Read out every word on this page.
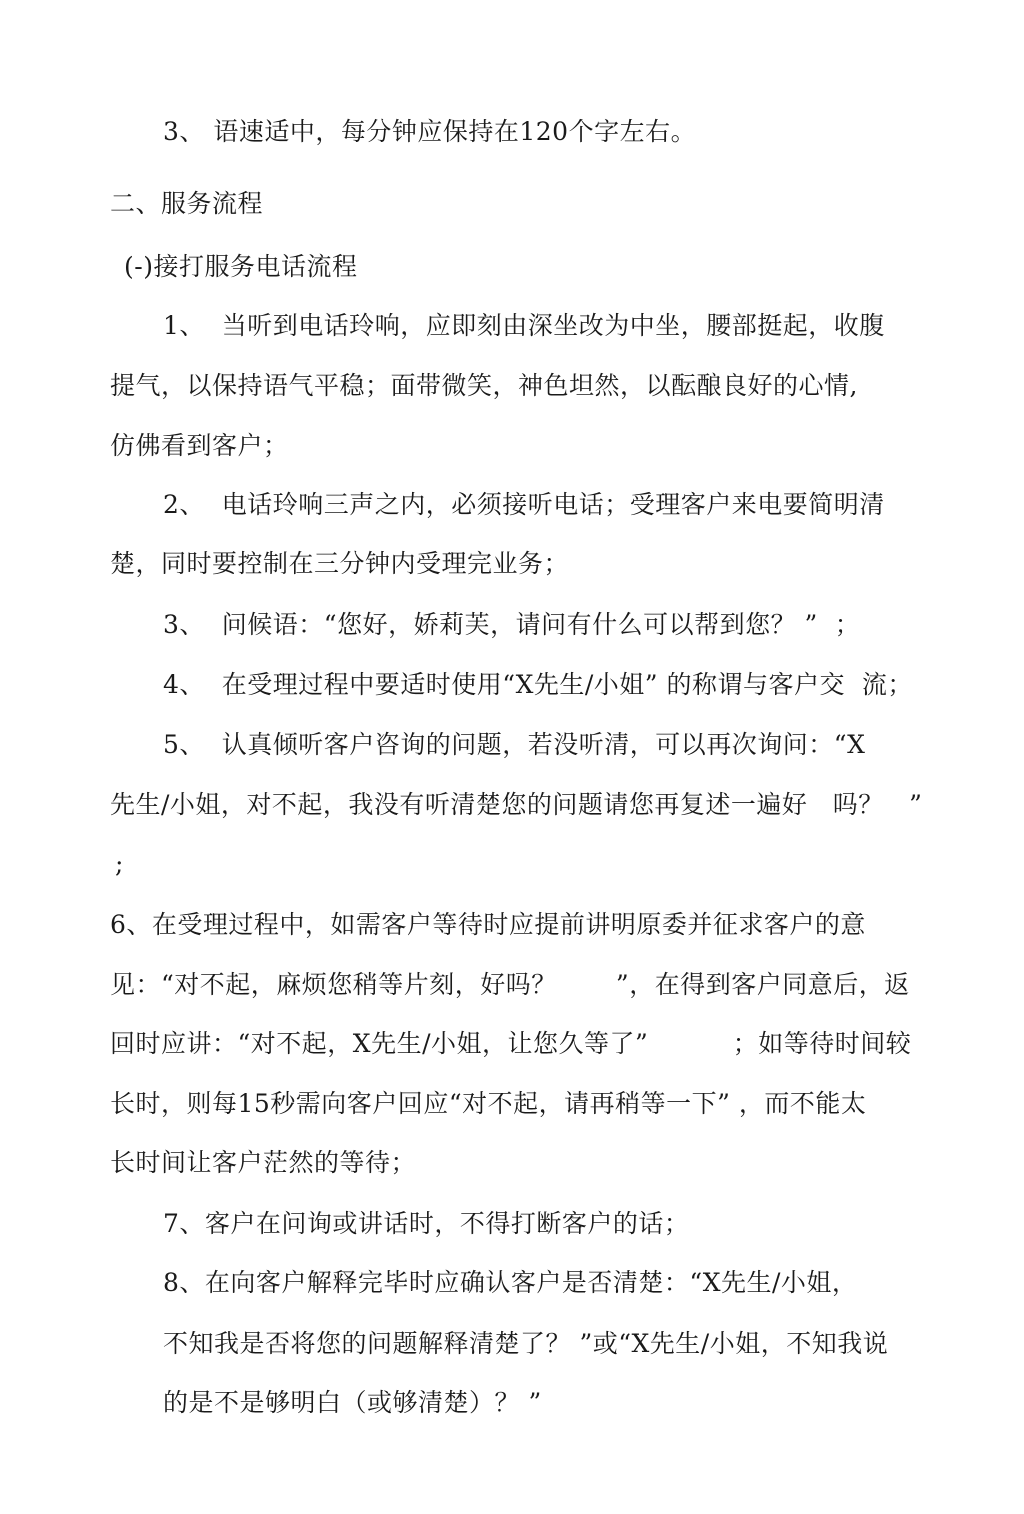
3、 语速适中，每分钟应保持在120个字左右。
二、服务流程
(-)接打服务电话流程
1、  当听到电话玲响，应即刻由深坐改为中坐，腰部挺起，收腹
提气，以保持语气平稳；面带微笑，神色坦然，以酝酿良好的心情,
仿佛看到客户；
2、  电话玲响三声之内，必须接听电话；受理客户来电要简明清
楚，同时要控制在三分钟内受理完业务；
3、  问候语：“您好，娇莉芙，请问有什么可以帮到您？ ”  ；
4、  在受理过程中要适时使用“X先生/小姐” 的称谓与客户交  流；
5、  认真倾听客户咨询的问题，若没听清，可以再次询问：“X
先生/小姐，对不起，我没有听清楚您的问题请您再复述一遍好   吗？   ”
;
6、在受理过程中，如需客户等待时应提前讲明原委并征求客户的意
见：“对不起，麻烦您稍等片刻，好吗？       ”，在得到客户同意后，返
回时应讲：“对不起，X先生/小姐，让您久等了”          ；如等待时间较
长时，则每15秒需向客户回应“对不起，请再稍等一下” ，而不能太
长时间让客户茫然的等待；
7、客户在问询或讲话时，不得打断客户的话；
8、在向客户解释完毕时应确认客户是否清楚：“X先生/小姐，
不知我是否将您的问题解释清楚了？ ”或“X先生/小姐，不知我说
的是不是够明白（或够清楚）？ ”
